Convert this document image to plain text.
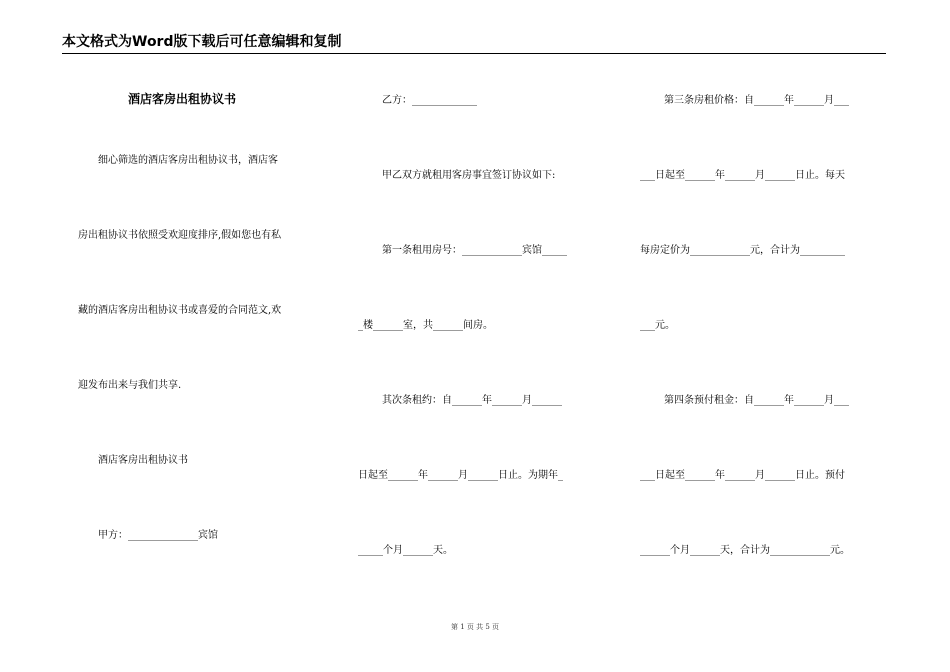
本文格式为Word版下载后可任意编辑和复制
酒店客房出租协议书
细心筛选的酒店客房出租协议书，酒店客
房出租协议书依照受欢迎度排序,假如您也有私
藏的酒店客房出租协议书或喜爱的合同范文,欢
迎发布出来与我们共享.
酒店客房出租协议书
甲方：______________宾馆
乙方：_____________
甲乙双方就租用客房事宜签订协议如下:
第一条租用房号：____________宾馆_____
_楼______室，共______间房。
其次条租约：自______年______月______
日起至______年______月______日止。为期年_
_____个月______天。
第三条房租价格：自______年______月___
___日起至______年______月______日止。每天
每房定价为____________元，合计为_________
___元。
第四条预付租金：自______年______月___
___日起至______年______月______日止。预付
______个月______天，合计为____________元。
第 1 页 共 5 页
